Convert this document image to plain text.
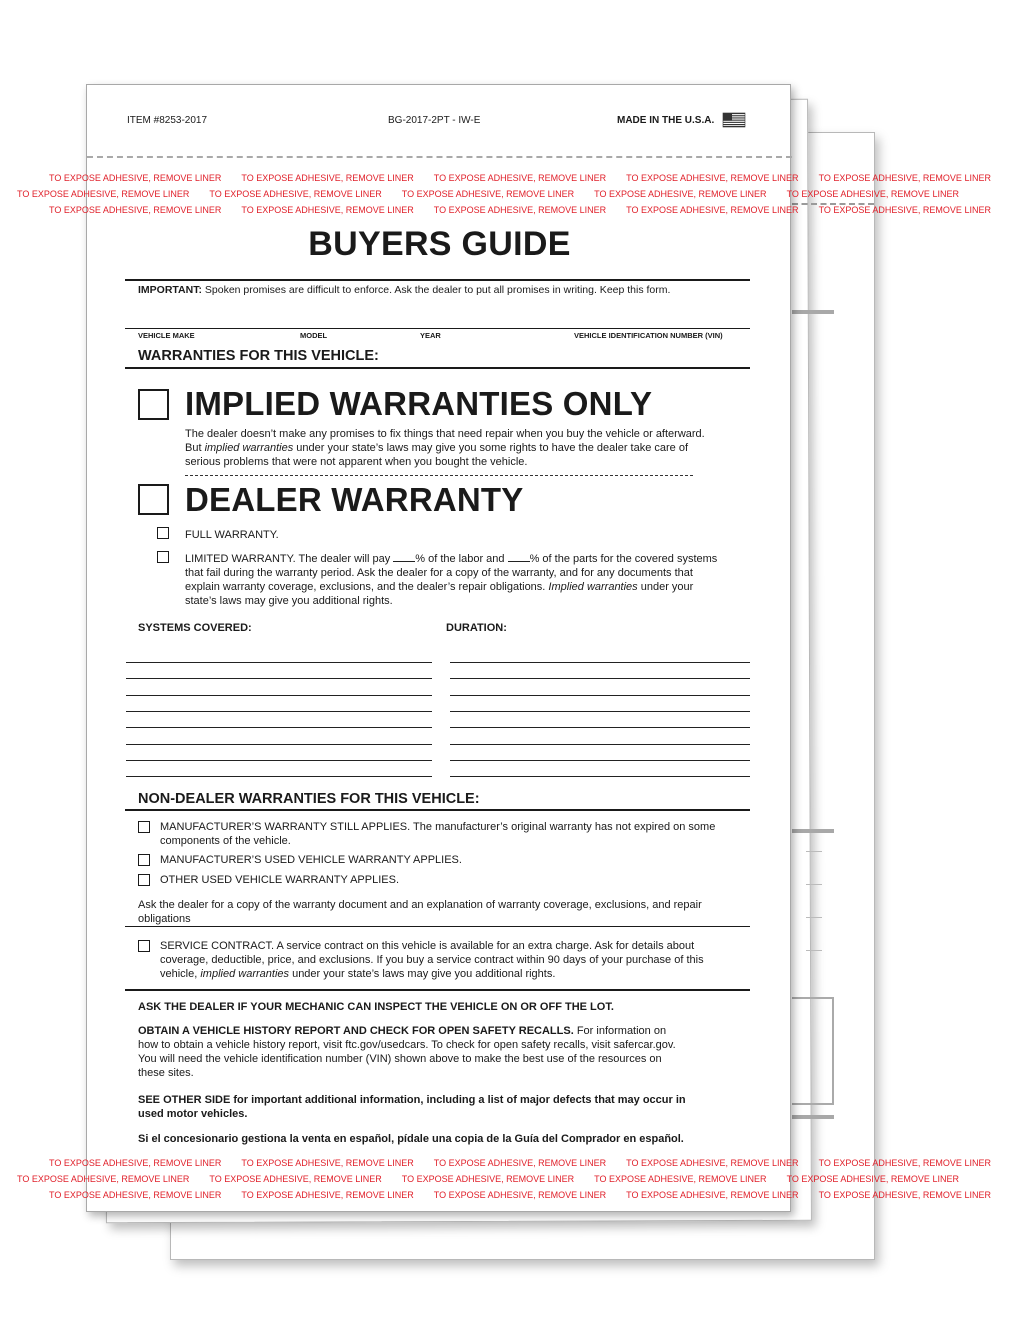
ITEM #8253-2017	BG-2017-2PT - IW-E	MADE IN THE U.S.A.
TO EXPOSE ADHESIVE, REMOVE LINER TO EXPOSE ADHESIVE, REMOVE LINER TO EXPOSE ADHESIVE, REMOVE LINER TO EXPOSE ADHESIVE, REMOVE LINER TO EXPOSE ADHESIVE, REMOVE LINER
TO EXPOSE ADHESIVE, REMOVE LINER TO EXPOSE ADHESIVE, REMOVE LINER TO EXPOSE ADHESIVE, REMOVE LINER TO EXPOSE ADHESIVE, REMOVE LINER TO EXPOSE ADHESIVE, REMOVE LINER
TO EXPOSE ADHESIVE, REMOVE LINER TO EXPOSE ADHESIVE, REMOVE LINER TO EXPOSE ADHESIVE, REMOVE LINER TO EXPOSE ADHESIVE, REMOVE LINER TO EXPOSE ADHESIVE, REMOVE LINER
BUYERS GUIDE
IMPORTANT: Spoken promises are difficult to enforce. Ask the dealer to put all promises in writing. Keep this form.
VEHICLE MAKE	MODEL	YEAR	VEHICLE IDENTIFICATION NUMBER (VIN)
WARRANTIES FOR THIS VEHICLE:
IMPLIED WARRANTIES ONLY
The dealer doesn’t make any promises to fix things that need repair when you buy the vehicle or afterward.
But implied warranties under your state’s laws may give you some rights to have the dealer take care of
serious problems that were not apparent when you bought the vehicle.
DEALER WARRANTY
FULL WARRANTY.
LIMITED WARRANTY. The dealer will pay % of the labor and % of the parts for the covered systems
that fail during the warranty period. Ask the dealer for a copy of the warranty, and for any documents that
explain warranty coverage, exclusions, and the dealer’s repair obligations. Implied warranties under your
state’s laws may give you additional rights.
SYSTEMS COVERED:	DURATION:
NON-DEALER WARRANTIES FOR THIS VEHICLE:
MANUFACTURER’S WARRANTY STILL APPLIES. The manufacturer’s original warranty has not expired on some
components of the vehicle.
MANUFACTURER’S USED VEHICLE WARRANTY APPLIES.
OTHER USED VEHICLE WARRANTY APPLIES.
Ask the dealer for a copy of the warranty document and an explanation of warranty coverage, exclusions, and repair
obligations
SERVICE CONTRACT. A service contract on this vehicle is available for an extra charge. Ask for details about
coverage, deductible, price, and exclusions. If you buy a service contract within 90 days of your purchase of this
vehicle, implied warranties under your state’s laws may give you additional rights.
ASK THE DEALER IF YOUR MECHANIC CAN INSPECT THE VEHICLE ON OR OFF THE LOT.
OBTAIN A VEHICLE HISTORY REPORT AND CHECK FOR OPEN SAFETY RECALLS. For information on
how to obtain a vehicle history report, visit ftc.gov/usedcars. To check for open safety recalls, visit safercar.gov.
You will need the vehicle identification number (VIN) shown above to make the best use of the resources on
these sites.
SEE OTHER SIDE for important additional information, including a list of major defects that may occur in
used motor vehicles.
Si el concesionario gestiona la venta en español, pídale una copia de la Guía del Comprador en español.
TO EXPOSE ADHESIVE, REMOVE LINER TO EXPOSE ADHESIVE, REMOVE LINER TO EXPOSE ADHESIVE, REMOVE LINER TO EXPOSE ADHESIVE, REMOVE LINER TO EXPOSE ADHESIVE, REMOVE LINER
TO EXPOSE ADHESIVE, REMOVE LINER TO EXPOSE ADHESIVE, REMOVE LINER TO EXPOSE ADHESIVE, REMOVE LINER TO EXPOSE ADHESIVE, REMOVE LINER TO EXPOSE ADHESIVE, REMOVE LINER
TO EXPOSE ADHESIVE, REMOVE LINER TO EXPOSE ADHESIVE, REMOVE LINER TO EXPOSE ADHESIVE, REMOVE LINER TO EXPOSE ADHESIVE, REMOVE LINER TO EXPOSE ADHESIVE, REMOVE LINER
